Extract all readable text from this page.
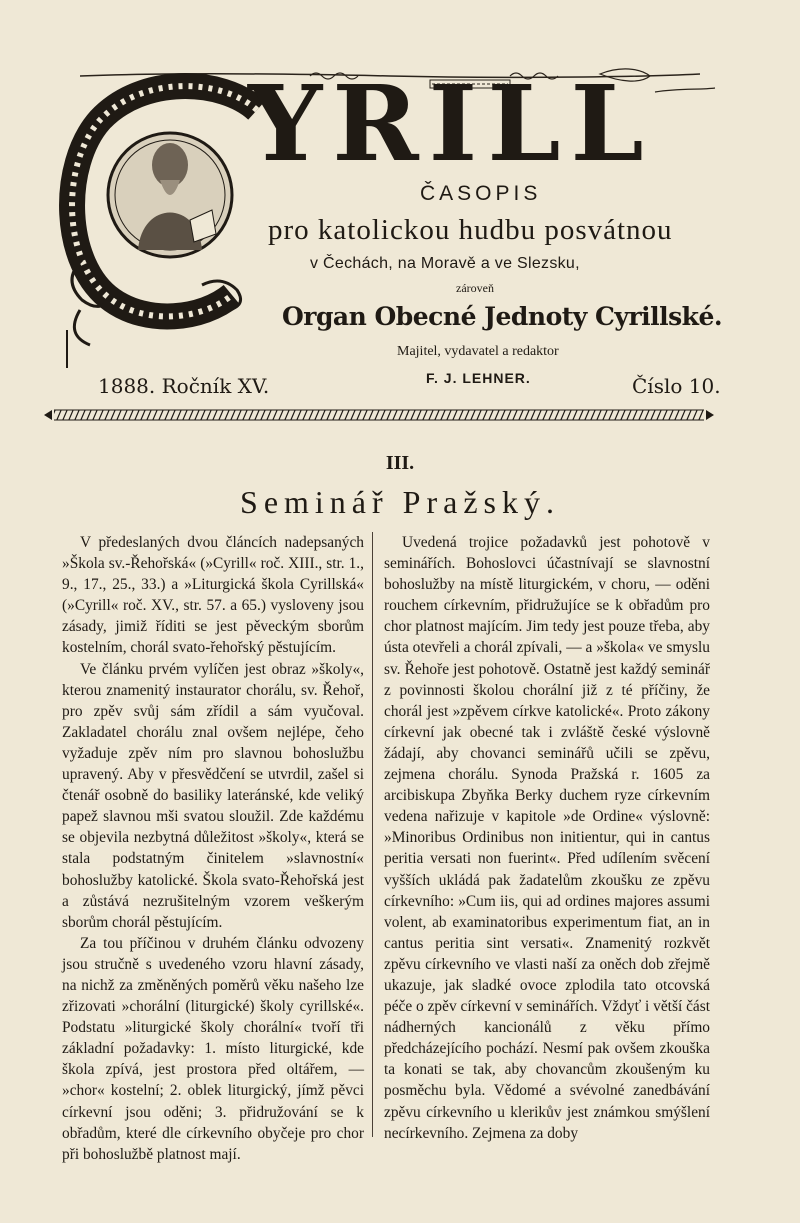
YRILL
ČASOPIS
pro katolickou hudbu posvátnou
v Čechách, na Moravě a ve Slezsku,
zároveň
Organ Obecné Jednoty Cyrillské.
Majitel, vydavatel a redaktor
1888. Ročník XV.	F. J. LEHNER.	Číslo 10.
III.
Seminář Pražský.

V předeslaných dvou článcích nadepsaných »Škola sv.-Řehořská« (»Cyrill« roč. XIII., str. 1., 9., 17., 25., 33.) a »Liturgická škola Cyrillská« (»Cyrill« roč. XV., str. 57. a 65.) vysloveny jsou zásady, jimiž říditi se jest pěveckým sborům kostelním, chorál svato-řehořský pěstujícím.

Ve článku prvém vylíčen jest obraz »školy«, kterou znamenitý instaurator chorálu, sv. Řehoř, pro zpěv svůj sám zřídil a sám vyučoval. Zakladatel chorálu znal ovšem nejlépe, čeho vyžaduje zpěv ním pro slavnou bohoslužbu upravený. Aby v přesvědčení se utvrdil, zašel si čtenář osobně do basiliky lateránské, kde veliký papež slavnou mši svatou sloužil. Zde každému se objevila nezbytná důležitost »školy«, která se stala podstatným činitelem »slavnostní« bohoslužby katolické. Škola svato-Řehořská jest a zůstává nezrušitelným vzorem veškerým sborům chorál pěstujícím.

Za tou příčinou v druhém článku odvozeny jsou stručně s uvedeného vzoru hlavní zásady, na nichž za změněných poměrů věku našeho lze zřizovati »chorální (liturgické) školy cyrillské«. Podstatu »liturgické školy chorální« tvoří tři základní požadavky: 1. místo liturgické, kde škola zpívá, jest prostora před oltářem, — »chor« kostelní; 2. oblek liturgický, jímž pěvci církevní jsou oděni; 3. přidružování se k obřadům, které dle církevního obyčeje pro chor při bohoslužbě platnost mají.

Uvedená trojice požadavků jest pohotově v seminářích. Bohoslovci účastnívají se slavnostní bohoslužby na místě liturgickém, v choru, — oděni rouchem církevním, přidružujíce se k obřadům pro chor platnost majícím. Jim tedy jest pouze třeba, aby ústa otevřeli a chorál zpívali, — a »škola« ve smyslu sv. Řehoře jest pohotově. Ostatně jest každý seminář z povinnosti školou chorální již z té příčiny, že chorál jest »zpěvem církve katolické«. Proto zákony církevní jak obecné tak i zvláště české výslovně žádají, aby chovanci seminářů učili se zpěvu, zejmena chorálu. Synoda Pražská r. 1605 za arcibiskupa Zbyňka Berky duchem ryze církevním vedena nařizuje v kapitole »de Ordine« výslovně: »Minoribus Ordinibus non initientur, qui in cantus peritia versati non fuerint«. Před udílením svěcení vyšších ukládá pak žadatelům zkoušku ze zpěvu církevního: »Cum iis, qui ad ordines majores assumi volent, ab examinatoribus experimentum fiat, an in cantus peritia sint versati«. Znamenitý rozkvět zpěvu církevního ve vlasti naší za oněch dob zřejmě ukazuje, jak sladké ovoce zplodila tato otcovská péče o zpěv církevní v seminářích. Vždyť i větší část nádherných kancionálů z věku přímo předcházejícího pochází. Nesmí pak ovšem zkouška ta konati se tak, aby chovancům zkoušeným ku posměchu byla. Vědomé a svévolné zanedbávání zpěvu církevního u klerikův jest známkou smýšlení necírkevního. Zejmena za doby
